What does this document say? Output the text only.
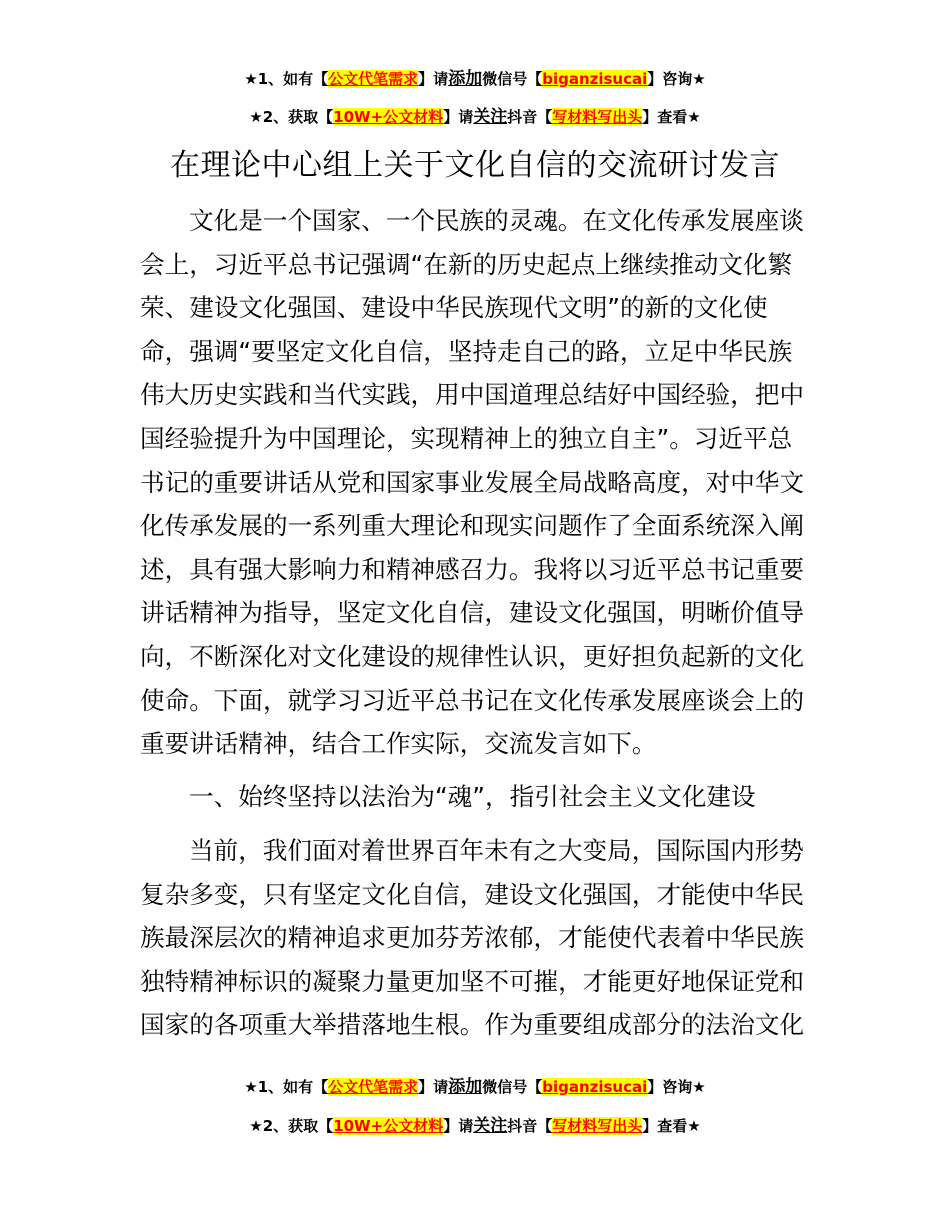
★1、如有【公文代笔需求】请添加微信号【biganzisucai】咨询★
★2、获取【10W+公文材料】请关注抖音【写材料写出头】查看★
在理论中心组上关于文化自信的交流研讨发言
文化是一个国家、一个民族的灵魂。在文化传承发展座谈
会上，习近平总书记强调“在新的历史起点上继续推动文化繁
荣、建设文化强国、建设中华民族现代文明”的新的文化使
命，强调“要坚定文化自信，坚持走自己的路，立足中华民族
伟大历史实践和当代实践，用中国道理总结好中国经验，把中
国经验提升为中国理论，实现精神上的独立自主”。习近平总
书记的重要讲话从党和国家事业发展全局战略高度，对中华文
化传承发展的一系列重大理论和现实问题作了全面系统深入阐
述，具有强大影响力和精神感召力。我将以习近平总书记重要
讲话精神为指导，坚定文化自信，建设文化强国，明晰价值导
向，不断深化对文化建设的规律性认识，更好担负起新的文化
使命。下面，就学习习近平总书记在文化传承发展座谈会上的
重要讲话精神，结合工作实际，交流发言如下。
一、始终坚持以法治为“魂”，指引社会主义文化建设
当前，我们面对着世界百年未有之大变局，国际国内形势
复杂多变，只有坚定文化自信，建设文化强国，才能使中华民
族最深层次的精神追求更加芬芳浓郁，才能使代表着中华民族
独特精神标识的凝聚力量更加坚不可摧，才能更好地保证党和
国家的各项重大举措落地生根。作为重要组成部分的法治文化
★1、如有【公文代笔需求】请添加微信号【biganzisucai】咨询★
★2、获取【10W+公文材料】请关注抖音【写材料写出头】查看★
